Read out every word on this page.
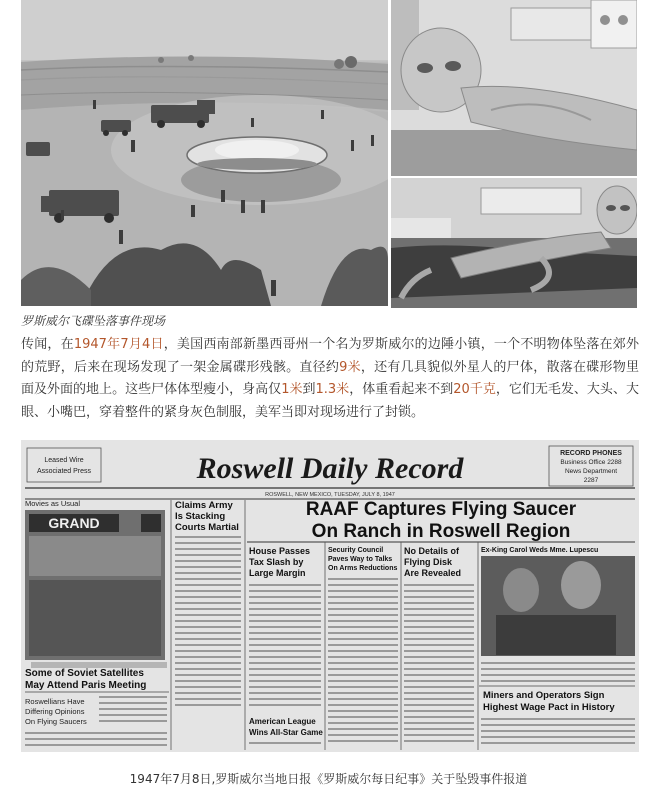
罗斯威尔飞碟坠落事件现场
传闻，在1947年7月4日，美国西南部新墨西哥州一个名为罗斯威尔的边陲小镇，一个不明物体坠落在郊外的荒野，后来在现场发现了一架金属碟形残骸。直径约9米，还有几具貌似外星人的尸体，散落在碟形物里面及外面的地上。这些尸体体型瘦小，身高仅1米到1.3米，体重看起来不到20千克，它们无毛发、大头、大眼、小嘴巴，穿着整件的紧身灰色制服，美军当即对现场进行了封锁。
Leased Wire
Associated Press
RECORD PHONES
Business Office 2288
News Department
2287
Roswell Daily Record
ROSWELL, NEW MEXICO, TUESDAY, JULY 8, 1947
Movies as Usual
GRAND
Some of Soviet Satellites
May Attend Paris Meeting
Roswellians Have
Differing Opinions
On Flying Saucers
Claims Army
Is Stacking
Courts Martial
American League
Wins All-Star Game
RAAF Captures Flying Saucer
On Ranch in Roswell Region
House Passes
Tax Slash by
Large Margin
Security Council
Paves Way to Talks
On Arms Reductions
No Details of
Flying Disk
Are Revealed
Ex-King Carol Weds Mme. Lupescu
Miners and Operators Sign
Highest Wage Pact in History
1947年7月8日,罗斯威尔当地日报《罗斯威尔每日纪事》关于坠毁事件报道
